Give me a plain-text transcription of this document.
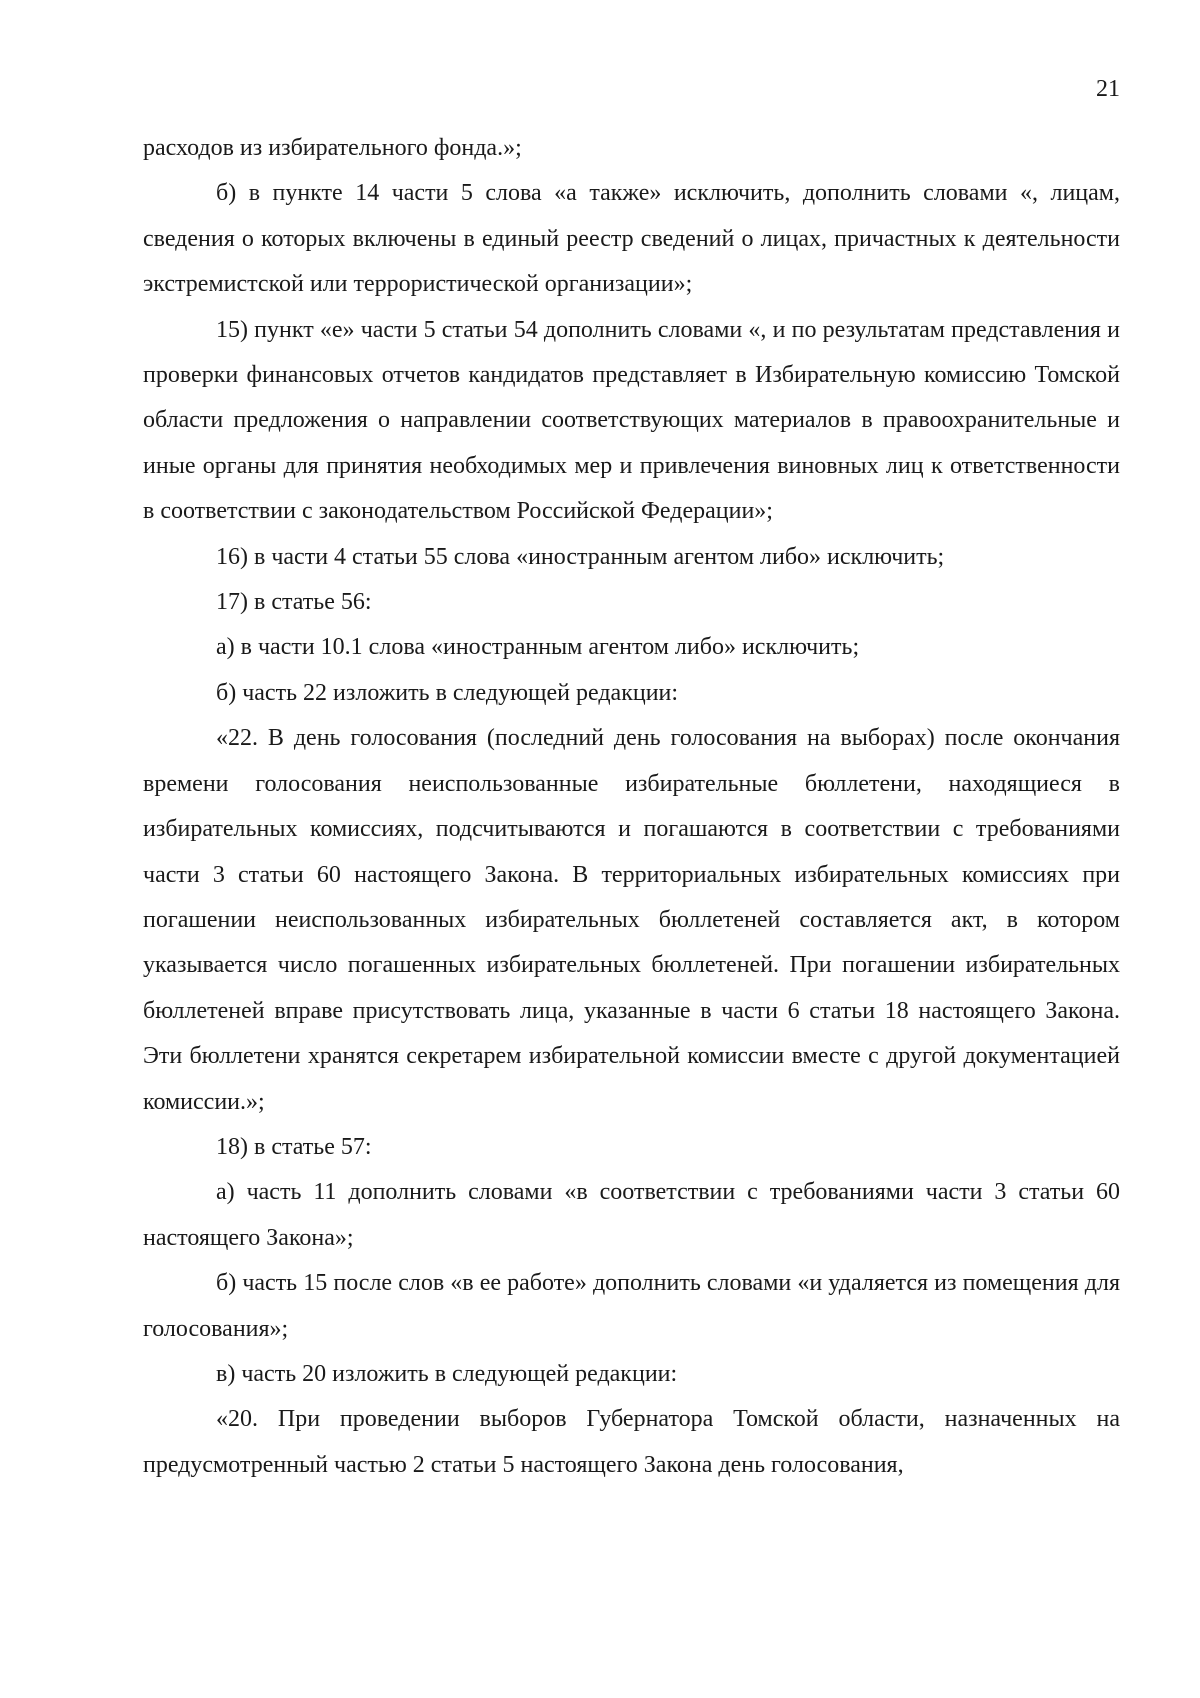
21

расходов из избирательного фонда.»;

б) в пункте 14 части 5 слова «а также» исключить, дополнить словами «, лицам, сведения о которых включены в единый реестр сведений о лицах, причастных к деятельности экстремистской или террористической организации»;

15) пункт «е» части 5 статьи 54 дополнить словами «, и по результатам представления и проверки финансовых отчетов кандидатов представляет в Избирательную комиссию Томской области предложения о направлении соответствующих материалов в правоохранительные и иные органы для принятия необходимых мер и привлечения виновных лиц к ответственности в соответствии с законодательством Российской Федерации»;

16) в части 4 статьи 55 слова «иностранным агентом либо» исключить;

17) в статье 56:

а) в части 10.1 слова «иностранным агентом либо» исключить;

б) часть 22 изложить в следующей редакции:

«22. В день голосования (последний день голосования на выборах) после окончания времени голосования неиспользованные избирательные бюллетени, находящиеся в избирательных комиссиях, подсчитываются и погашаются в соответствии с требованиями части 3 статьи 60 настоящего Закона. В территориальных избирательных комиссиях при погашении неиспользованных избирательных бюллетеней составляется акт, в котором указывается число погашенных избирательных бюллетеней. При погашении избирательных бюллетеней вправе присутствовать лица, указанные в части 6 статьи 18 настоящего Закона. Эти бюллетени хранятся секретарем избирательной комиссии вместе с другой документацией комиссии.»;

18) в статье 57:

а) часть 11 дополнить словами «в соответствии с требованиями части 3 статьи 60 настоящего Закона»;

б) часть 15 после слов «в ее работе» дополнить словами «и удаляется из помещения для голосования»;

в) часть 20 изложить в следующей редакции:

«20. При проведении выборов Губернатора Томской области, назначенных на предусмотренный частью 2 статьи 5 настоящего Закона день голосования,
